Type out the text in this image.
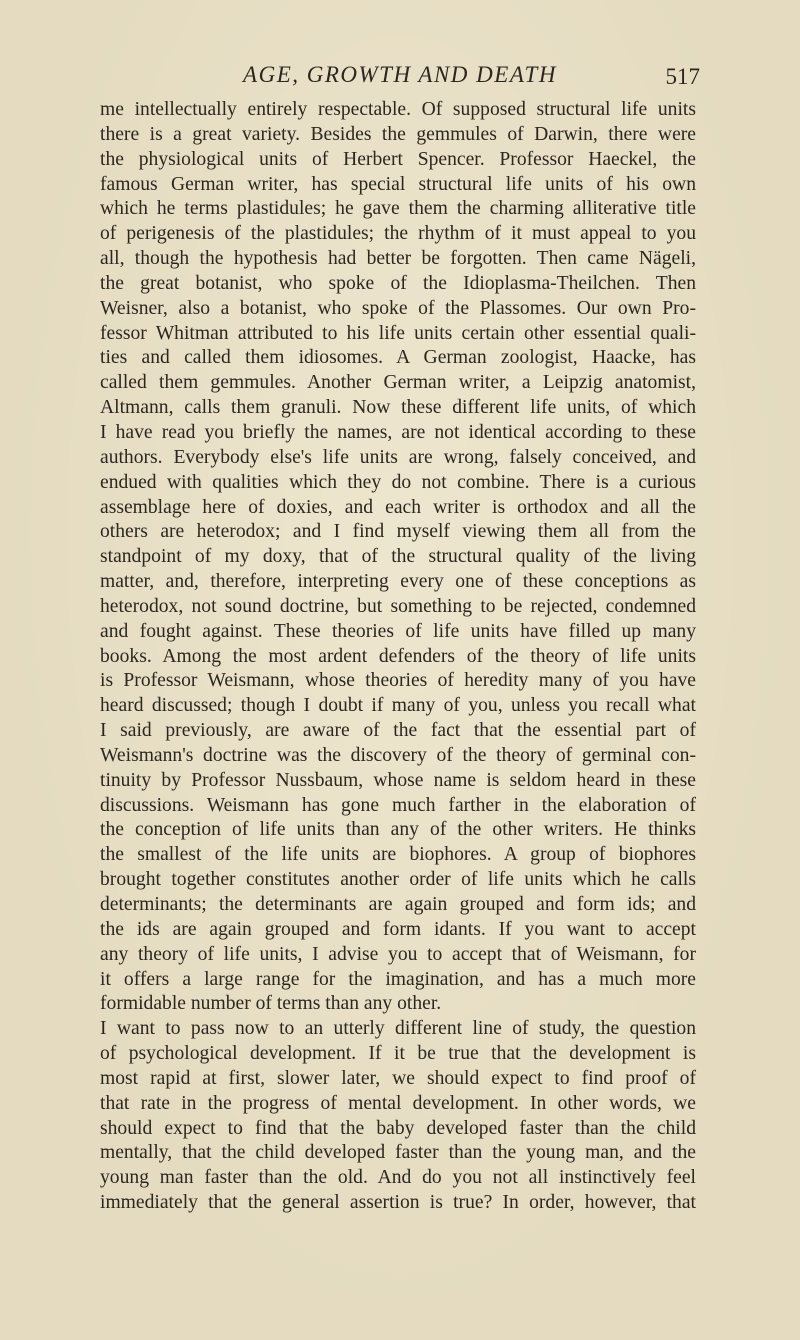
AGE, GROWTH AND DEATH	517
me intellectually entirely respectable. Of supposed structural life units
there is a great variety. Besides the gemmules of Darwin, there were
the physiological units of Herbert Spencer. Professor Haeckel, the
famous German writer, has special structural life units of his own
which he terms plastidules; he gave them the charming alliterative title
of perigenesis of the plastidules; the rhythm of it must appeal to you
all, though the hypothesis had better be forgotten. Then came Nägeli,
the great botanist, who spoke of the Idioplasma-Theilchen. Then
Weisner, also a botanist, who spoke of the Plassomes. Our own Pro-
fessor Whitman attributed to his life units certain other essential quali-
ties and called them idiosomes. A German zoologist, Haacke, has
called them gemmules. Another German writer, a Leipzig anatomist,
Altmann, calls them granuli. Now these different life units, of which
I have read you briefly the names, are not identical according to these
authors. Everybody else's life units are wrong, falsely conceived, and
endued with qualities which they do not combine. There is a curious
assemblage here of doxies, and each writer is orthodox and all the
others are heterodox; and I find myself viewing them all from the
standpoint of my doxy, that of the structural quality of the living
matter, and, therefore, interpreting every one of these conceptions as
heterodox, not sound doctrine, but something to be rejected, condemned
and fought against. These theories of life units have filled up many
books. Among the most ardent defenders of the theory of life units
is Professor Weismann, whose theories of heredity many of you have
heard discussed; though I doubt if many of you, unless you recall what
I said previously, are aware of the fact that the essential part of
Weismann's doctrine was the discovery of the theory of germinal con-
tinuity by Professor Nussbaum, whose name is seldom heard in these
discussions. Weismann has gone much farther in the elaboration of
the conception of life units than any of the other writers. He thinks
the smallest of the life units are biophores. A group of biophores
brought together constitutes another order of life units which he calls
determinants; the determinants are again grouped and form ids; and
the ids are again grouped and form idants. If you want to accept
any theory of life units, I advise you to accept that of Weismann, for
it offers a large range for the imagination, and has a much more
formidable number of terms than any other.
I want to pass now to an utterly different line of study, the question
of psychological development. If it be true that the development is
most rapid at first, slower later, we should expect to find proof of
that rate in the progress of mental development. In other words, we
should expect to find that the baby developed faster than the child
mentally, that the child developed faster than the young man, and the
young man faster than the old. And do you not all instinctively feel
immediately that the general assertion is true? In order, however, that
